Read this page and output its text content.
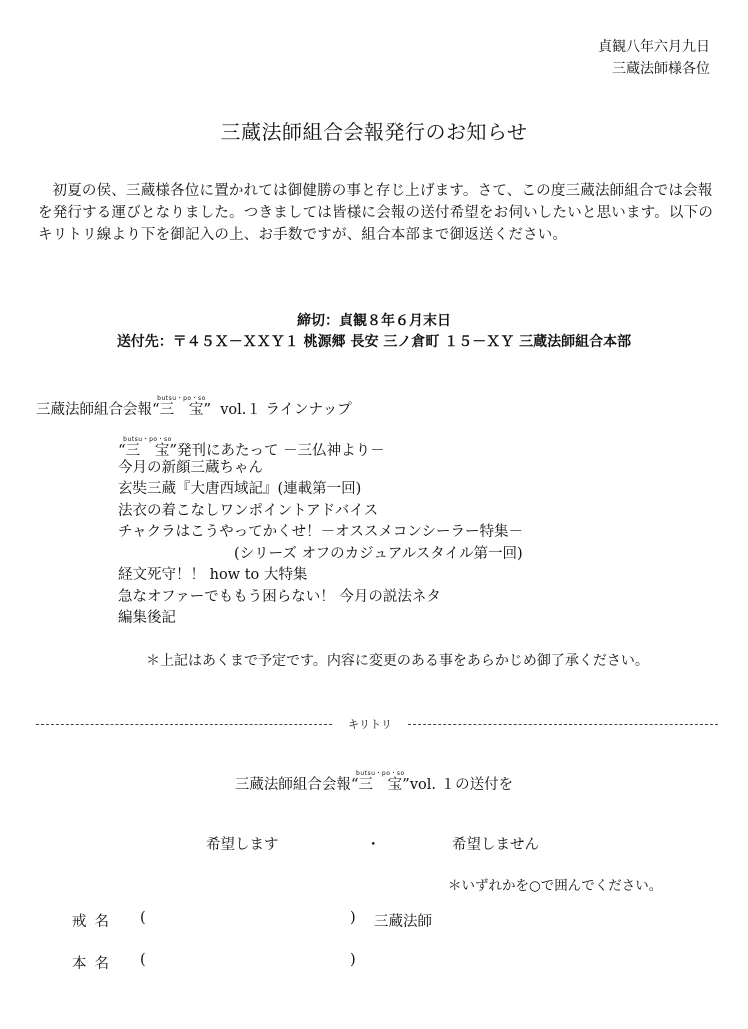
貞観八年六月九日
三蔵法師様各位
三蔵法師組合会報発行のお知らせ
初夏の侯、三蔵様各位に置かれては御健勝の事と存じ上げます。さて、この度三蔵法師組合では会報を発行する運びとなりました。つきましては皆様に会報の送付希望をお伺いしたいと思います。以下のキリトリ線より下を御記入の上、お手数ですが、組合本部まで御返送ください。
締切：貞観８年６月末日
送付先：〒４５Ｘ－ＸＸＹ１ 桃源郷 長安 三ノ倉町 １５－ＸＹ 三蔵法師組合本部
三蔵法師組合会報“三 宝butsu・po・so” vol.１ ラインナップ
“三 宝butsu・po・so”発刊にあたって －三仏神より－
今月の新顔三蔵ちゃん
玄奘三蔵『大唐西域記』(連載第一回)
法衣の着こなしワンポイントアドバイス
チャクラはこうやってかくせ！－オススメコンシーラー特集－
(シリーズ オフのカジュアルスタイル第一回)
経文死守！！ how to 大特集
急なオファーでももう困らない！ 今月の説法ネタ
編集後記
＊上記はあくまで予定です。内容に変更のある事をあらかじめ御了承ください。
キリトリ
三蔵法師組合会報“三 宝butsu・po・so”vol. １の送付を
希望します	・	希望しません
＊いずれかを○で囲んでください。
戒名 (	) 三蔵法師
本名 (	)
